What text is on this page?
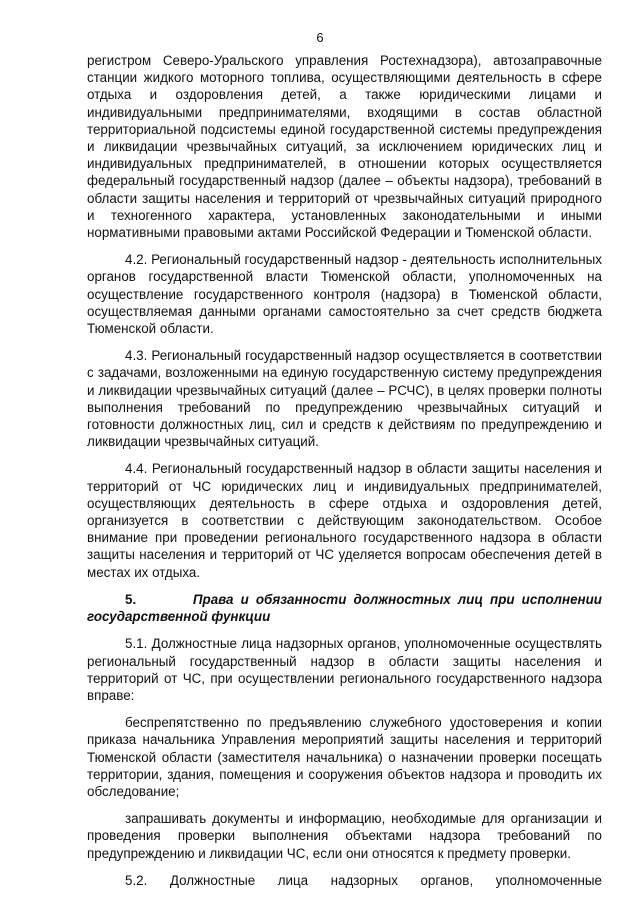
6

регистром Северо-Уральского управления Ростехнадзора), автозаправочные станции жидкого моторного топлива, осуществляющими деятельность в сфере отдыха и оздоровления детей, а также юридическими лицами и индивидуальными предпринимателями, входящими в состав областной территориальной подсистемы единой государственной системы предупреждения и ликвидации чрезвычайных ситуаций, за исключением юридических лиц и индивидуальных предпринимателей, в отношении которых осуществляется федеральный государственный надзор (далее – объекты надзора), требований в области защиты населения и территорий от чрезвычайных ситуаций природного и техногенного характера, установленных законодательными и иными нормативными правовыми актами Российской Федерации и Тюменской области.

4.2. Региональный государственный надзор - деятельность исполнительных органов государственной власти Тюменской области, уполномоченных на осуществление государственного контроля (надзора) в Тюменской области, осуществляемая данными органами самостоятельно за счет средств бюджета Тюменской области.

4.3. Региональный государственный надзор осуществляется в соответствии с задачами, возложенными на единую государственную систему предупреждения и ликвидации чрезвычайных ситуаций (далее – РСЧС), в целях проверки полноты выполнения требований по предупреждению чрезвычайных ситуаций и готовности должностных лиц, сил и средств к действиям по предупреждению и ликвидации чрезвычайных ситуаций.

4.4. Региональный государственный надзор в области защиты населения и территорий от ЧС юридических лиц и индивидуальных предпринимателей, осуществляющих деятельность в сфере отдыха и оздоровления детей, организуется в соответствии с действующим законодательством. Особое внимание при проведении регионального государственного надзора в области защиты населения и территорий от ЧС уделяется вопросам обеспечения детей в местах их отдыха.

5.	Права и обязанности должностных лиц при исполнении государственной функции

5.1. Должностные лица надзорных органов, уполномоченные осуществлять региональный государственный надзор в области защиты населения и территорий от ЧС, при осуществлении регионального государственного надзора вправе:

беспрепятственно по предъявлению служебного удостоверения и копии приказа начальника Управления мероприятий защиты населения и территорий Тюменской области (заместителя начальника) о назначении проверки посещать территории, здания, помещения и сооружения объектов надзора и проводить их обследование;

запрашивать документы и информацию, необходимые для организации и проведения проверки выполнения объектами надзора требований по предупреждению и ликвидации ЧС, если они относятся к предмету проверки.

5.2. Должностные лица надзорных органов, уполномоченные
